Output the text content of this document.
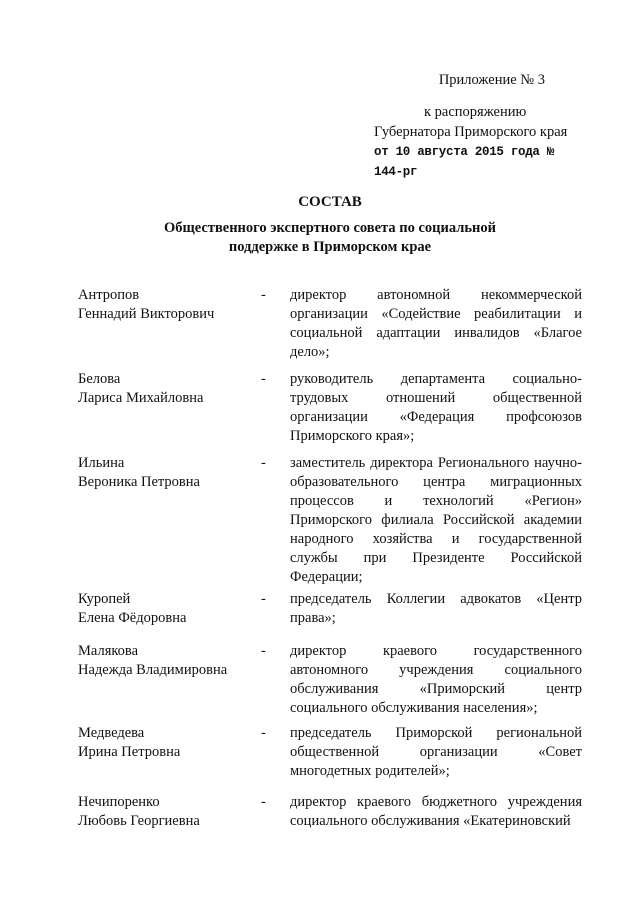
Приложение № 3
к распоряжению
Губернатора Приморского края
от 10 августа 2015 года № 144-рг
СОСТАВ
Общественного экспертного совета по социальной
поддержке в Приморском крае
Антропов
Геннадий Викторович
- директор автономной некоммерческой организации «Содействие реабилитации и социальной адаптации инвалидов «Благое дело»;
Белова
Лариса Михайловна
- руководитель департамента социально-трудовых отношений общественной организации «Федерация профсоюзов Приморского края»;
Ильина
Вероника Петровна
- заместитель директора Регионального научно-образовательного центра миграционных процессов и технологий «Регион» Приморского филиала Российской академии народного хозяйства и государственной службы при Президенте Российской Федерации;
Куропей
Елена Фёдоровна
- председатель Коллегии адвокатов «Центр права»;
Малякова
Надежда Владимировна
- директор краевого государственного автономного учреждения социального обслуживания «Приморский центр социального обслуживания населения»;
Медведева
Ирина Петровна
- председатель Приморской региональной общественной организации «Совет многодетных родителей»;
Нечипоренко
Любовь Георгиевна
- директор краевого бюджетного учреждения социального обслуживания «Екатериновский
